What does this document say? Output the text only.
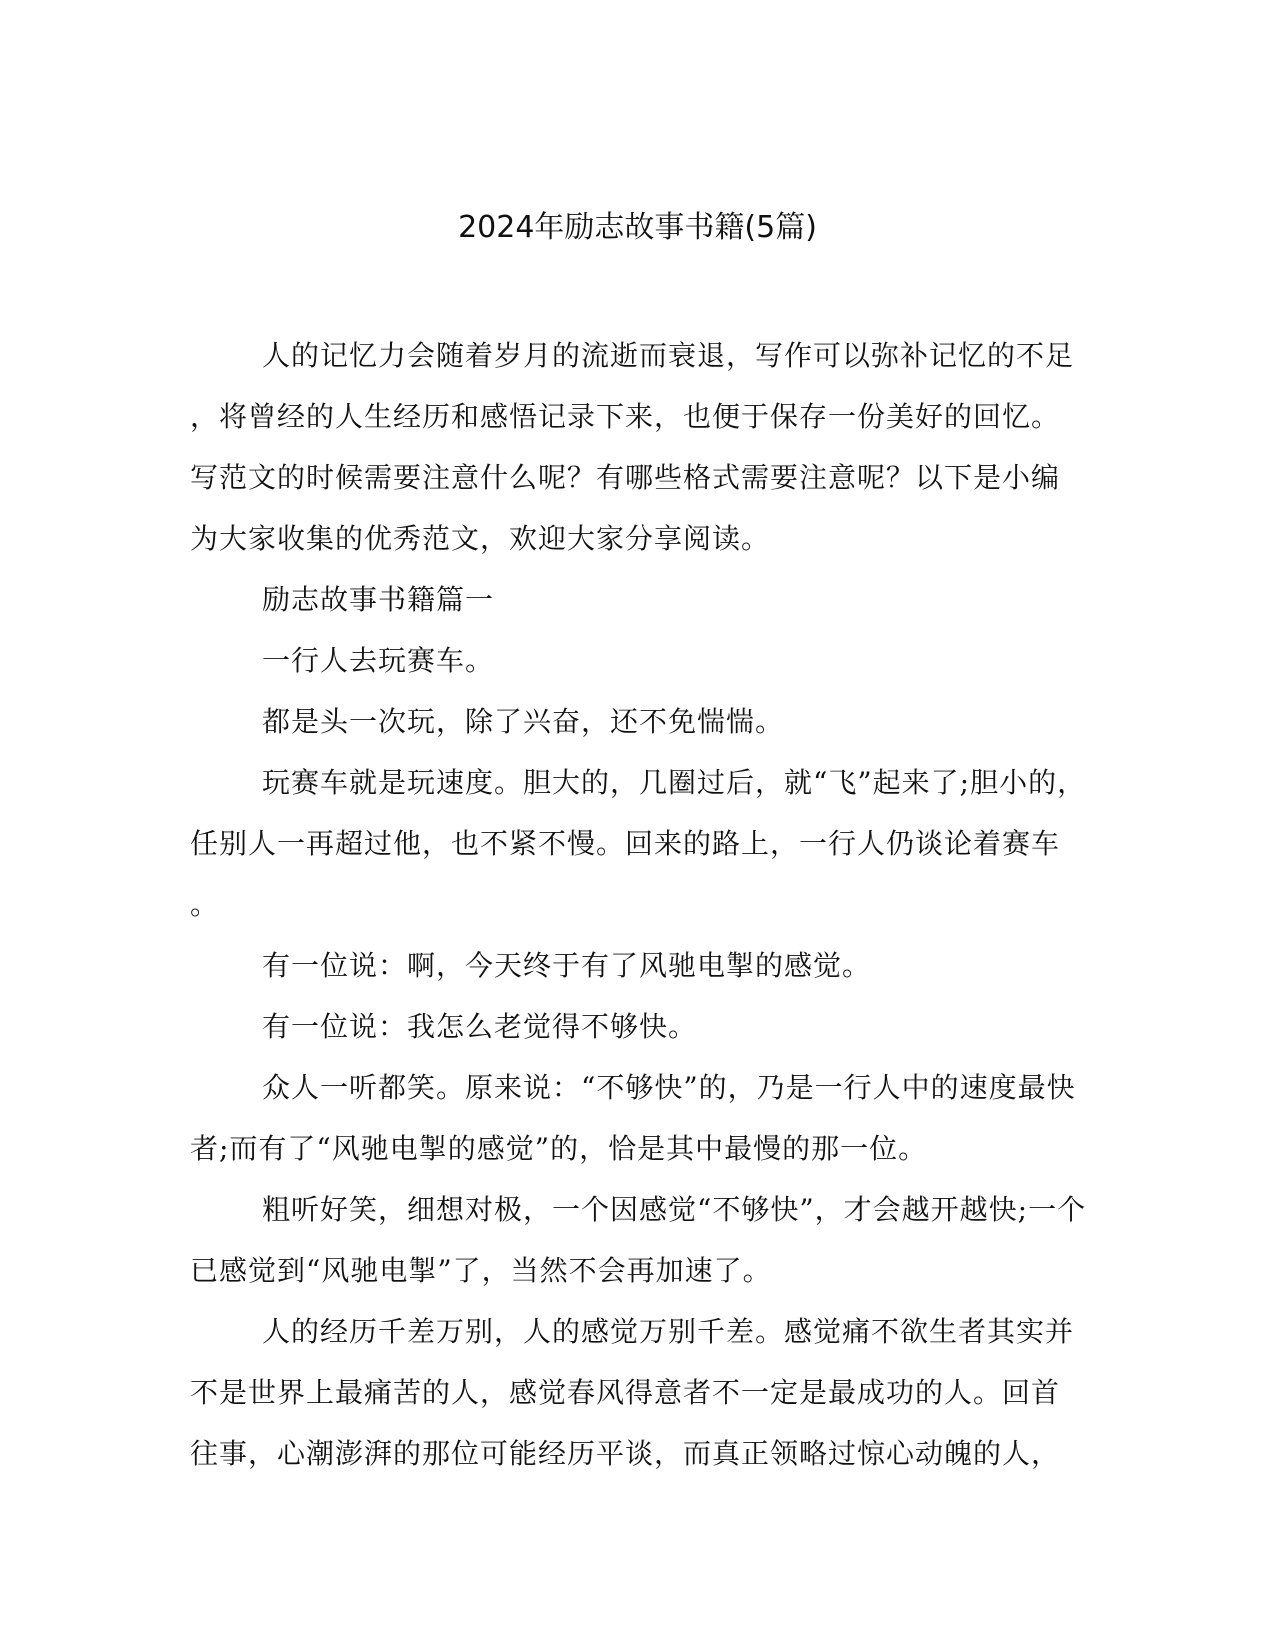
2024年励志故事书籍(5篇)
人的记忆力会随着岁月的流逝而衰退，写作可以弥补记忆的不足
，将曾经的人生经历和感悟记录下来，也便于保存一份美好的回忆。
写范文的时候需要注意什么呢？有哪些格式需要注意呢？以下是小编
为大家收集的优秀范文，欢迎大家分享阅读。
励志故事书籍篇一
一行人去玩赛车。
都是头一次玩，除了兴奋，还不免惴惴。
玩赛车就是玩速度。胆大的，几圈过后，就“飞”起来了;胆小的，
任别人一再超过他，也不紧不慢。回来的路上，一行人仍谈论着赛车
。
有一位说：啊，今天终于有了风驰电掣的感觉。
有一位说：我怎么老觉得不够快。
众人一听都笑。原来说：“不够快”的，乃是一行人中的速度最快
者;而有了“风驰电掣的感觉”的，恰是其中最慢的那一位。
粗听好笑，细想对极，一个因感觉“不够快”，才会越开越快;一个
已感觉到“风驰电掣”了，当然不会再加速了。
人的经历千差万别，人的感觉万别千差。感觉痛不欲生者其实并
不是世界上最痛苦的人，感觉春风得意者不一定是最成功的人。回首
往事，心潮澎湃的那位可能经历平谈，而真正领略过惊心动魄的人，
